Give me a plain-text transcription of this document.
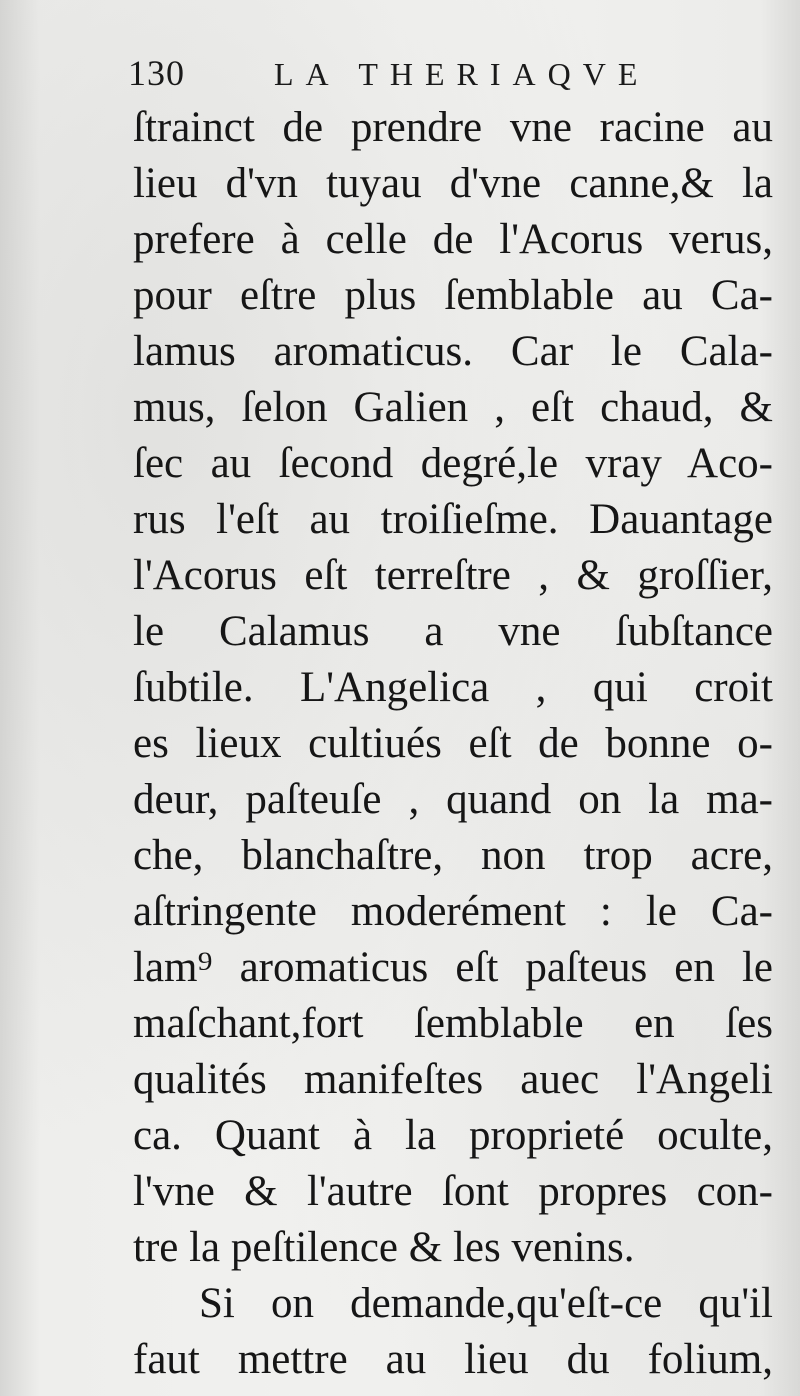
130	LA THERIAQVE
ſtrainct de prendre vne racine au
lieu d'vn tuyau d'vne canne,& la
prefere à celle de l'Acorus verus,
pour eſtre plus ſemblable au Ca-
lamus aromaticus. Car le Cala-
mus, ſelon Galien , eſt chaud, &
ſec au ſecond degré,le vray Aco-
rus l'eſt au troiſieſme. Dauantage
l'Acorus eſt terreſtre , & groſſier,
le Calamus a vne ſubſtance
ſubtile. L'Angelica , qui croit
es lieux cultiués eſt de bonne o-
deur, paſteuſe , quand on la ma-
che, blanchaſtre, non trop acre,
aſtringente moderément : le Ca-
lam⁹ aromaticus eſt paſteus en le
maſchant,fort ſemblable en ſes
qualités manifeſtes auec l'Angeli
ca. Quant à la proprieté oculte,
l'vne & l'autre ſont propres con-
tre la peſtilence & les venins.
Si on demande,qu'eſt-ce qu'il
faut mettre au lieu du folium,
